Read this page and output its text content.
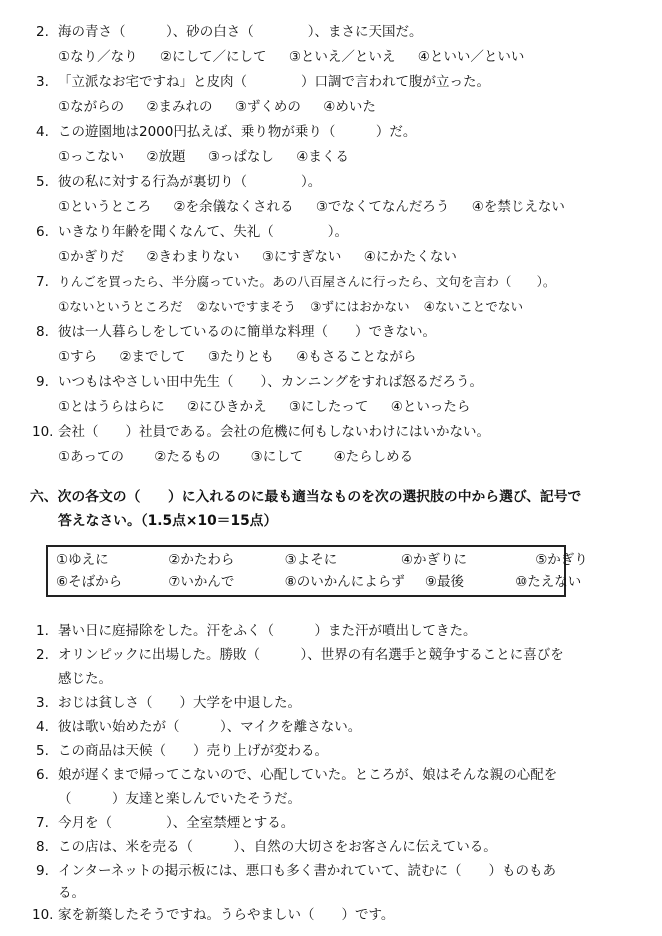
2. 海の青さ（　　　）、砂の白さ（　　　　）、まさに天国だ。
①なり／なり ②にして／にして ③といえ／といえ ④といい／といい
3. 「立派なお宅ですね」と皮肉（　　　　）口調で言われて腹が立った。
①ながらの ②まみれの ③ずくめの ④めいた
4. この遊園地は2000円払えば、乗り物が乗り（　　　）だ。
①っこない ②放題 ③っぱなし ④まくる
5. 彼の私に対する行為が裏切り（　　　　）。
①というところ ②を余儀なくされる ③でなくてなんだろう ④を禁じえない
6. いきなり年齢を聞くなんて、失礼（　　　　）。
①かぎりだ ②きわまりない ③にすぎない ④にかたくない
7. りんごを買ったら、半分腐っていた。あの八百屋さんに行ったら、文句を言わ（　　）。
①ないというところだ ②ないですまそう ③ずにはおかない ④ないことでない
8. 彼は一人暮らしをしているのに簡単な料理（　　）できない。
①すら ②までして ③たりとも ④もさることながら
9. いつもはやさしい田中先生（　　）、カンニングをすれば怒るだろう。
①とはうらはらに ②にひきかえ ③にしたって ④といったら
10. 会社（　　）社員である。会社の危機に何もしないわけにはいかない。
①あっての ②たるもの ③にして ④たらしめる
六、次の各文の（　　）に入れるのに最も適当なものを次の選択肢の中から選び、記号で
答えなさい。（1.5点×10＝15点）
①ゆえに	②かたわら	③よそに	④かぎりに	⑤かぎり
⑥そばから	⑦いかんで	⑧のいかんによらず ⑨最後	⑩たえない
1. 暑い日に庭掃除をした。汗をふく（　　　）また汗が噴出してきた。
2. オリンピックに出場した。勝敗（　　　）、世界の有名選手と競争することに喜びを
感じた。
3. おじは貧しさ（　　）大学を中退した。
4. 彼は歌い始めたが（　　　）、マイクを離さない。
5. この商品は天候（　　）売り上げが変わる。
6. 娘が遅くまで帰ってこないので、心配していた。ところが、娘はそんな親の心配を
（　　　）友達と楽しんでいたそうだ。
7. 今月を（　　　　）、全室禁煙とする。
8. この店は、米を売る（　　　）、自然の大切さをお客さんに伝えている。
9. インターネットの掲示板には、悪口も多く書かれていて、読むに（　　）ものもあ
る。
10. 家を新築したそうですね。うらやましい（　　）です。
